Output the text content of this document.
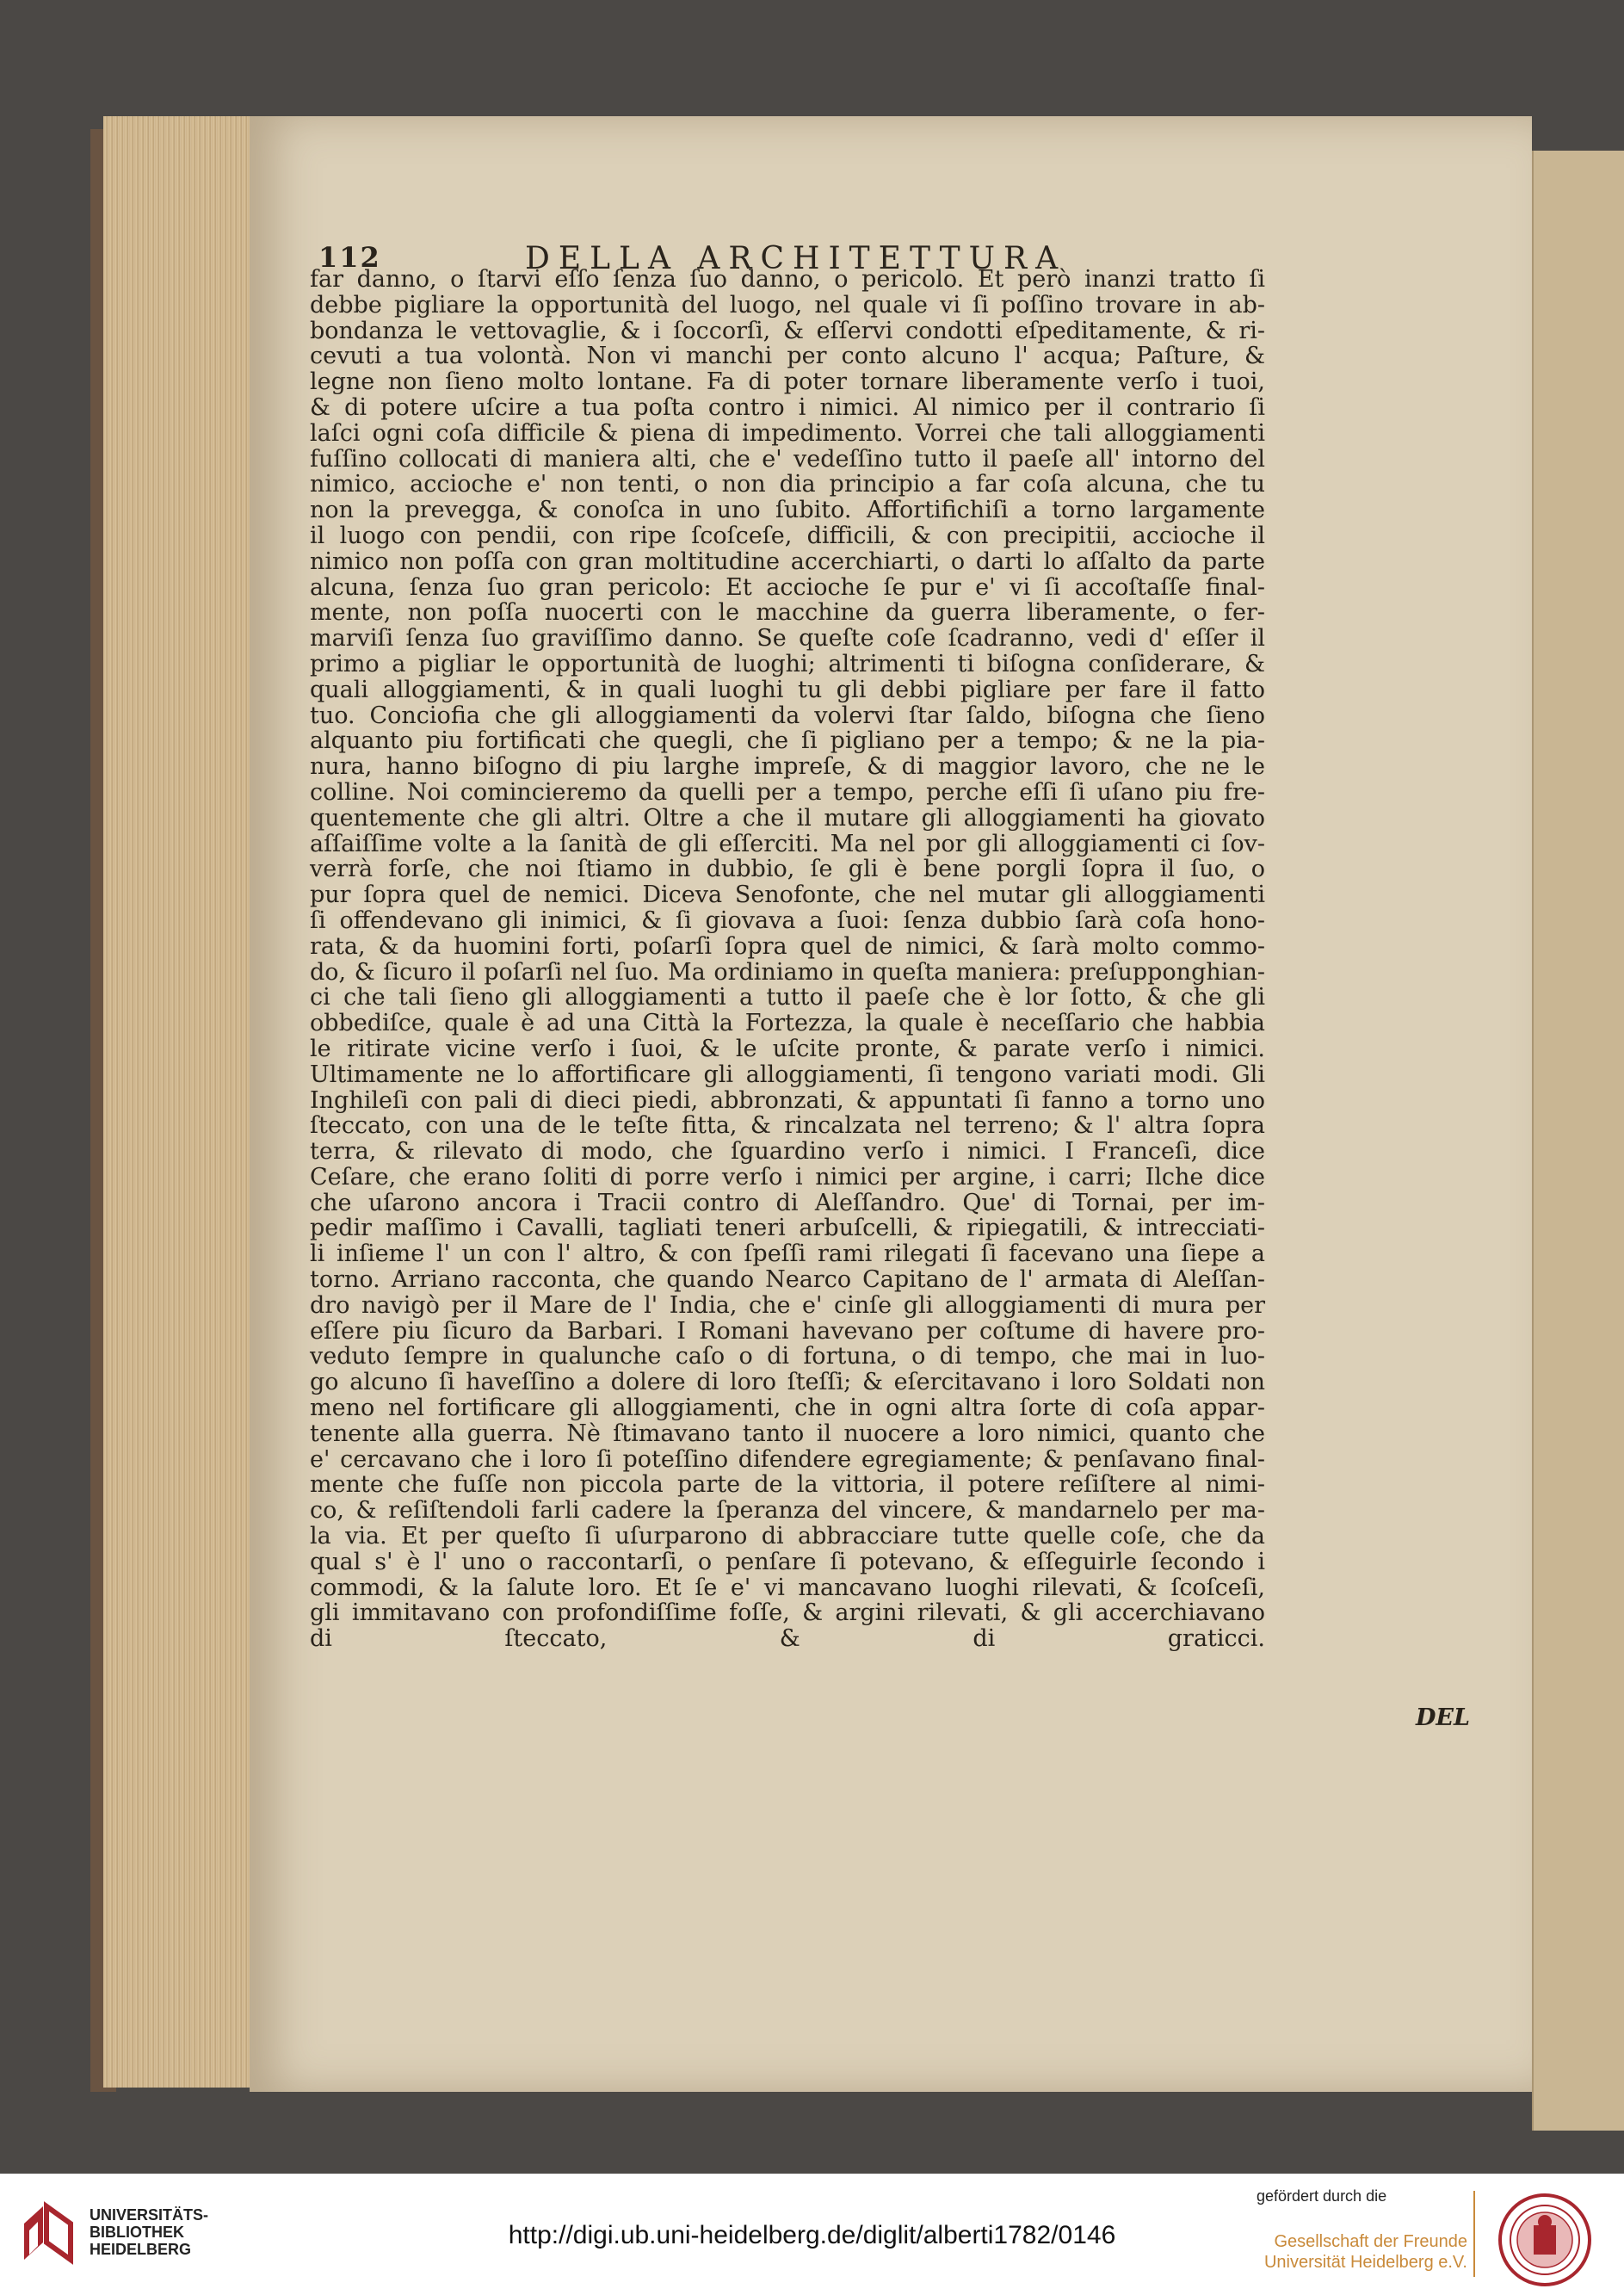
112	DELLA ARCHITETTURA
far danno, o ſtarvi eſſo ſenza ſuo danno, o pericolo. Et però inanzi tratto ſi
debbe pigliare la opportunità del luogo, nel quale vi ſi poſſino trovare in ab-
bondanza le vettovaglie, & i ſoccorſi, & eſſervi condotti eſpeditamente, & ri-
cevuti a tua volontà. Non vi manchi per conto alcuno l' acqua; Paſture, &
legne non ſieno molto lontane. Fa di poter tornare liberamente verſo i tuoi,
& di potere uſcire a tua poſta contro i nimici. Al nimico per il contrario ſi
laſci ogni coſa difficile & piena di impedimento. Vorrei che tali alloggiamenti
fuſſino collocati di maniera alti, che e' vedeſſino tutto il paeſe all' intorno del
nimico, accioche e' non tenti, o non dia principio a far coſa alcuna, che tu
non la prevegga, & conoſca in uno ſubito. Affortifichiſi a torno largamente
il luogo con pendii, con ripe ſcoſceſe, difficili, & con precipitii, accioche il
nimico non poſſa con gran moltitudine accerchiarti, o darti lo aſſalto da parte
alcuna, ſenza ſuo gran pericolo: Et accioche ſe pur e' vi ſi accoſtaſſe final-
mente, non poſſa nuocerti con le macchine da guerra liberamente, o fer-
marviſi ſenza ſuo graviſſimo danno. Se queſte coſe ſcadranno, vedi d' eſſer il
primo a pigliar le opportunità de luoghi; altrimenti ti biſogna conſiderare, &
quali alloggiamenti, & in quali luoghi tu gli debbi pigliare per fare il fatto
tuo. Conciofia che gli alloggiamenti da volervi ſtar ſaldo, biſogna che ſieno
alquanto piu fortificati che quegli, che ſi pigliano per a tempo; & ne la pia-
nura, hanno biſogno di piu larghe impreſe, & di maggior lavoro, che ne le
colline. Noi comincieremo da quelli per a tempo, perche eſſi ſi uſano piu fre-
quentemente che gli altri. Oltre a che il mutare gli alloggiamenti ha giovato
aſſaiſſime volte a la ſanità de gli eſſerciti. Ma nel por gli alloggiamenti ci ſov-
verrà forſe, che noi ſtiamo in dubbio, ſe gli è bene porgli ſopra il ſuo, o
pur ſopra quel de nemici. Diceva Senofonte, che nel mutar gli alloggiamenti
ſi offendevano gli inimici, & ſi giovava a ſuoi: ſenza dubbio ſarà coſa hono-
rata, & da huomini forti, poſarſi ſopra quel de nimici, & ſarà molto commo-
do, & ſicuro il poſarſi nel ſuo. Ma ordiniamo in queſta maniera: preſupponghian-
ci che tali ſieno gli alloggiamenti a tutto il paeſe che è lor ſotto, & che gli
obbediſce, quale è ad una Città la Fortezza, la quale è neceſſario che habbia
le ritirate vicine verſo i ſuoi, & le uſcite pronte, & parate verſo i nimici.
Ultimamente ne lo affortificare gli alloggiamenti, ſi tengono variati modi. Gli
Inghileſi con pali di dieci piedi, abbronzati, & appuntati ſi fanno a torno uno
ſteccato, con una de le teſte fitta, & rincalzata nel terreno; & l' altra ſopra
terra, & rilevato di modo, che ſguardino verſo i nimici. I Franceſi, dice
Ceſare, che erano ſoliti di porre verſo i nimici per argine, i carri; Ilche dice
che uſarono ancora i Tracii contro di Aleſſandro. Que' di Tornai, per im-
pedir maſſimo i Cavalli, tagliati teneri arbuſcelli, & ripiegatili, & intrecciati-
li inſieme l' un con l' altro, & con ſpeſſi rami rilegati ſi facevano una ſiepe a
torno. Arriano racconta, che quando Nearco Capitano de l' armata di Aleſſan-
dro navigò per il Mare de l' India, che e' cinſe gli alloggiamenti di mura per
eſſere piu ſicuro da Barbari. I Romani havevano per coſtume di havere pro-
veduto ſempre in qualunche caſo o di fortuna, o di tempo, che mai in luo-
go alcuno ſi haveſſino a dolere di loro ſteſſi; & eſercitavano i loro Soldati non
meno nel fortificare gli alloggiamenti, che in ogni altra ſorte di coſa appar-
tenente alla guerra. Nè ſtimavano tanto il nuocere a loro nimici, quanto che
e' cercavano che i loro ſi poteſſino difendere egregiamente; & penſavano final-
mente che fuſſe non piccola parte de la vittoria, il potere reſiſtere al nimi-
co, & reſiſtendoli farli cadere la ſperanza del vincere, & mandarnelo per ma-
la via. Et per queſto ſi uſurparono di abbracciare tutte quelle coſe, che da
qual s' è l' uno o raccontarſi, o penſare ſi potevano, & eſſeguirle ſecondo i
commodi, & la ſalute loro. Et ſe e' vi mancavano luoghi rilevati, & ſcoſceſi,
gli immitavano con profondiſſime foſſe, & argini rilevati, & gli accerchiavano
di ſteccato, & di graticci.
DEL
UNIVERSITÄTS-
BIBLIOTHEK
HEIDELBERG	http://digi.ub.uni-heidelberg.de/diglit/alberti1782/0146
gefördert durch die
Gesellschaft der Freunde
Universität Heidelberg e.V.
